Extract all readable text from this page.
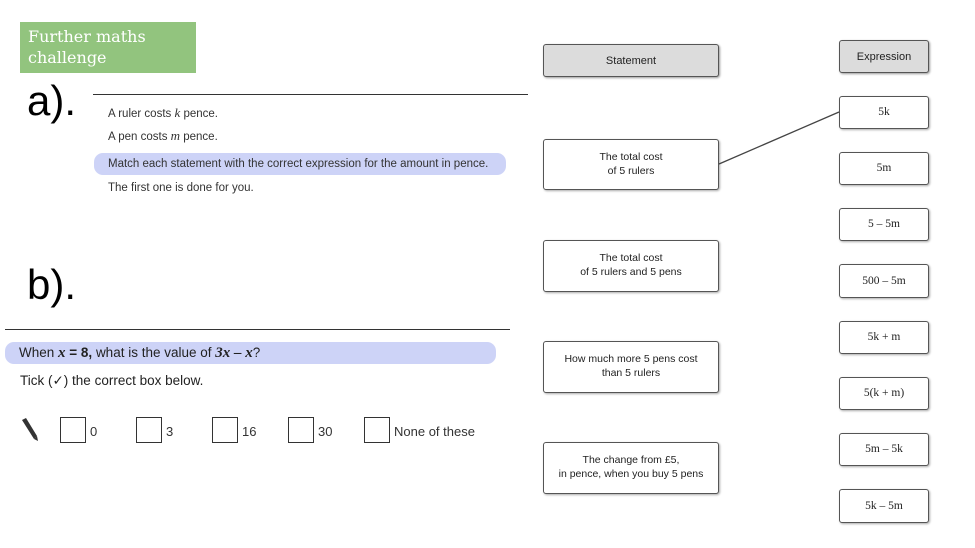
Further maths
challenge
a).	A ruler costs k pence.
A pen costs m pence.
Match each statement with the correct expression for the amount in pence.
The first one is done for you.
b).
When x = 8, what is the value of 3x – x?
Tick (✓) the correct box below.
0	3	16	30	None of these
Statement
The total cost
of 5 rulers
The total cost
of 5 rulers and 5 pens
How much more 5 pens cost
than 5 rulers
The change from £5,
in pence, when you buy 5 pens
Expression
5k
5m
5 – 5m
500 – 5m
5k + m
5(k + m)
5m – 5k
5k – 5m
